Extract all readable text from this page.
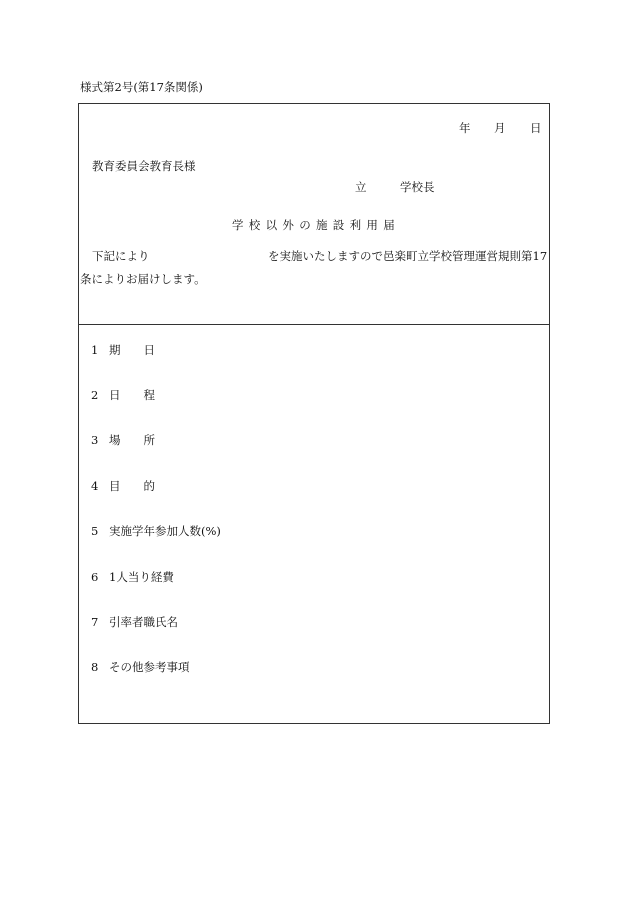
様式第2号(第17条関係)
年 月 日
教育委員会教育長様
立	学校長
学校以外の施設利用届
下記により	を実施いたしますので邑楽町立学校管理運営規則第17
条によりお届けします。
1 期　　日
2 日　　程
3 場　　所
4 目　　的
5 実施学年参加人数(%)
6 1人当り経費
7 引率者職氏名
8 その他参考事項
